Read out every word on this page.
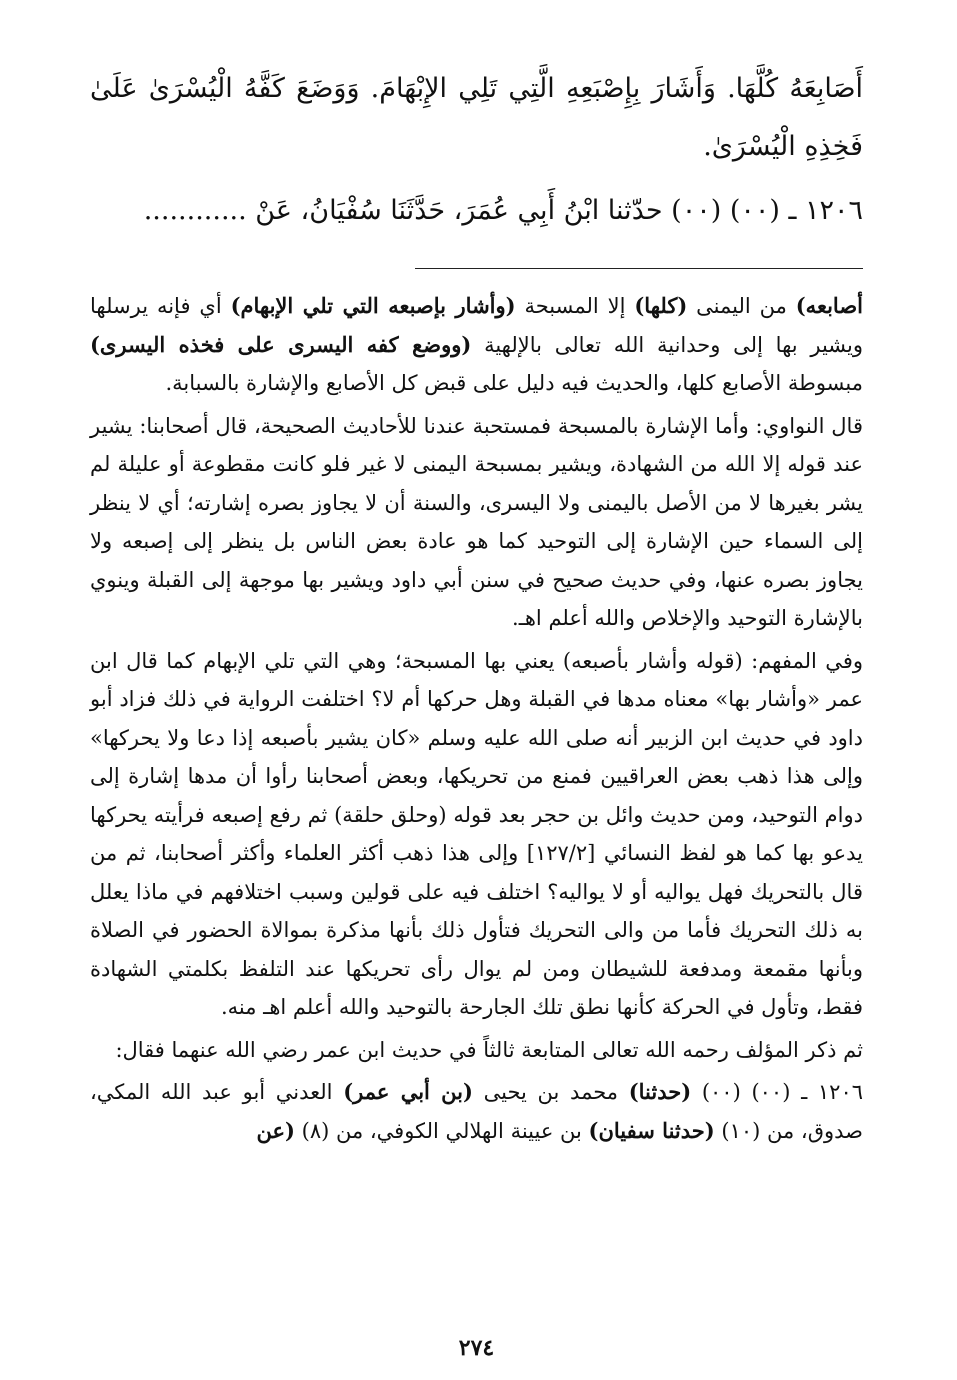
أَصَابِعَهُ كُلَّهَا. وَأَشَارَ بِإِصْبَعِهِ الَّتِي تَلِي الإِبْهَامَ. وَوَضَعَ كَفَّهُ الْيُسْرَىٰ عَلَىٰ فَخِذِهِ الْيُسْرَىٰ.

١٢٠٦ ـ (٠٠) (٠٠) حدّثنا ابْنُ أَبِي عُمَرَ، حَدَّثَنَا سُفْيَانُ، عَنْ ............

أصابعه) من اليمنى (كلها) إلا المسبحة (وأشار بإصبعه التي تلي الإبهام) أي فإنه يرسلها ويشير بها إلى وحدانية الله تعالى بالإلهية (ووضع كفه اليسرى على فخذه اليسرى) مبسوطة الأصابع كلها، والحديث فيه دليل على قبض كل الأصابع والإشارة بالسبابة.

قال النواوي: وأما الإشارة بالمسبحة فمستحبة عندنا للأحاديث الصحيحة، قال أصحابنا: يشير عند قوله إلا الله من الشهادة، ويشير بمسبحة اليمنى لا غير فلو كانت مقطوعة أو عليلة لم يشر بغيرها لا من الأصل باليمنى ولا اليسرى، والسنة أن لا يجاوز بصره إشارته؛ أي لا ينظر إلى السماء حين الإشارة إلى التوحيد كما هو عادة بعض الناس بل ينظر إلى إصبعه ولا يجاوز بصره عنها، وفي حديث صحيح في سنن أبي داود ويشير بها موجهة إلى القبلة وينوي بالإشارة التوحيد والإخلاص والله أعلم اهـ.

وفي المفهم: (قوله وأشار بأصبعه) يعني بها المسبحة؛ وهي التي تلي الإبهام كما قال ابن عمر «وأشار بها» معناه مدها في القبلة وهل حركها أم لا؟ اختلفت الرواية في ذلك فزاد أبو داود في حديث ابن الزبير أنه صلى الله عليه وسلم «كان يشير بأصبعه إذا دعا ولا يحركها» وإلى هذا ذهب بعض العراقيين فمنع من تحريكها، وبعض أصحابنا رأوا أن مدها إشارة إلى دوام التوحيد، ومن حديث وائل بن حجر بعد قوله (وحلق حلقة) ثم رفع إصبعه فرأيته يحركها يدعو بها كما هو لفظ النسائي [١٢٧/٢] وإلى هذا ذهب أكثر العلماء وأكثر أصحابنا، ثم من قال بالتحريك فهل يواليه أو لا يواليه؟ اختلف فيه على قولين وسبب اختلافهم في ماذا يعلل به ذلك التحريك فأما من والى التحريك فتأول ذلك بأنها مذكرة بموالاة الحضور في الصلاة وبأنها مقمعة ومدفعة للشيطان ومن لم يوال رأى تحريكها عند التلفظ بكلمتي الشهادة فقط، وتأول في الحركة كأنها نطق تلك الجارحة بالتوحيد والله أعلم اهـ منه.

ثم ذكر المؤلف رحمه الله تعالى المتابعة ثالثاً في حديث ابن عمر رضي الله عنهما فقال:

١٢٠٦ ـ (٠٠) (٠٠) (حدثنا) محمد بن يحيى (بن أبي عمر) العدني أبو عبد الله المكي، صدوق، من (١٠) (حدثنا سفيان) بن عيينة الهلالي الكوفي، من (٨) (عن

٢٧٤
